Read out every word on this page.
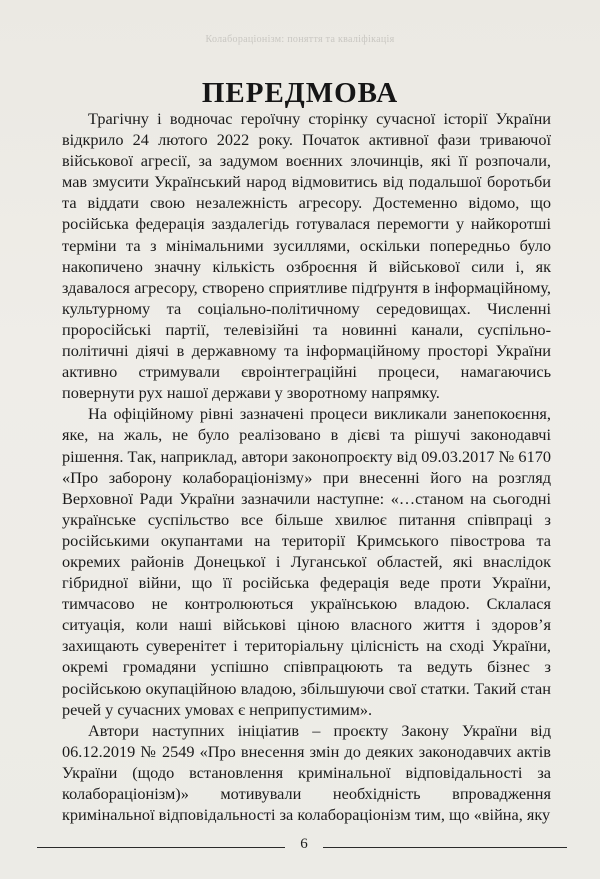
Колабораціонізм: поняття та кваліфікація
ПЕРЕДМОВА

Трагічну і водночас героїчну сторінку сучасної історії України відкрило 24 лютого 2022 року. Початок активної фази триваючої військової агресії, за задумом воєнних злочинців, які її розпочали, мав змусити Український народ відмовитись від подальшої боротьби та віддати свою незалежність агресору. Достеменно відомо, що російська федерація заздалегідь готувалася перемогти у найкоротші терміни та з мінімальними зусиллями, оскільки попередньо було накопичено значну кількість озброєння й військової сили і, як здавалося агресору, створено сприятливе підґрунтя в інформаційному, культурному та соціально-політичному середовищах. Численні проросійські партії, телевізійні та новинні канали, суспільно-політичні діячі в державному та інформаційному просторі України активно стримували євроінтеграційні процеси, намагаючись повернути рух нашої держави у зворотному напрямку.

На офіційному рівні зазначені процеси викликали занепокоєння, яке, на жаль, не було реалізовано в дієві та рішучі законодавчі рішення. Так, наприклад, автори законопроєкту від 09.03.2017 № 6170 «Про заборону колабораціонізму» при внесенні його на розгляд Верховної Ради України зазначили наступне: «…станом на сьогодні українське суспільство все більше хвилює питання співпраці з російськими окупантами на території Кримського півострова та окремих районів Донецької і Луганської областей, які внаслідок гібридної війни, що її російська федерація веде проти України, тимчасово не контролюються українською владою. Склалася ситуація, коли наші військові ціною власного життя і здоров’я захищають суверенітет і територіальну цілісність на сході України, окремі громадяни успішно співпрацюють та ведуть бізнес з російською окупаційною владою, збільшуючи свої статки. Такий стан речей у сучасних умовах є неприпустимим».

Автори наступних ініціатив – проєкту Закону України від 06.12.2019 № 2549 «Про внесення змін до деяких законодавчих актів України (щодо встановлення кримінальної відповідальності за колабораціонізм)» мотивували необхідність впровадження кримінальної відповідальності за колабораціонізм тим, що «війна, яку

6
